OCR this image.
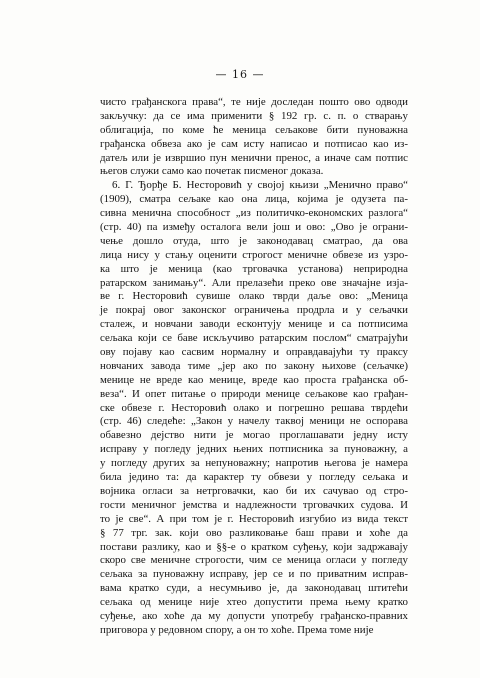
— 16 —
чисто грађанскога права“, те није доследан пошто ово одводи
закључку: да се има применити § 192 гр. с. п. о стварању
облигација, по коме ће меница сељакове бити пуноважна
грађанска обвеза ако је сам исту написао и потписао као из-
датељ или је извршио пун менични пренос, а иначе сам потпис
његов служи само као почетак писменог доказа.
6. Г. Ђорђе Б. Несторовић у својој књизи „Менично право“
(1909), сматра сељаке као она лица, којима је одузета па-
сивна менична способност „из политичко-економских разлога“
(стр. 40) па између осталога вели још и ово: „Ово је ограни-
чење дошло отуда, што је законодавац сматрао, да ова
лица нису у стању оценити строгост меничне обвезе из узро-
ка што је меница (као трговачка установа) неприродна
ратарском занимању“. Али прелазећи преко ове значајне изја-
ве г. Несторовић сувише олако тврди даље ово: „Меница
је покрај овог законског ограничења продрла и у сељачки
сталеж, и новчани заводи есконтују менице и са потписима
сељака који се баве искључиво ратарским послом“ сматрајући
ову појаву као сасвим нормалну и оправдавајући ту праксу
новчаних завода тиме „јер ако по закону њихове (сељачке)
менице не вреде као менице, вреде као проста грађанска об-
веза“. И опет питање о природи менице сељакове као грађан-
ске обвезе г. Несторовић олако и погрешно решава тврдећи
(стр. 46) следеће: „Закон у начелу таквој меници не оспорава
обавезно дејство нити је могао проглашавати једну исту
исправу у погледу једних њених потписника за пуноважну, а
у погледу других за непуноважну; напротив његова је намера
била једино та: да карактер ту обвези у погледу сељака и
војника огласи за нетрговачки, као би их сачувао од стро-
гости меничног јемства и надлежности трговачких судова. И
то је све“. А при том је г. Несторовић изгубио из вида текст
§ 77 трг. зак. који ово разликовање баш прави и хоће да
постави разлику, као и §§-е о кратком суђењу, који задржавају
скоро све меничне строгости, чим се меница огласи у погледу
сељака за пуноважну исправу, јер се и по приватним исправ-
вама кратко суди, а несумњиво је, да законодавац штитећи
сељака од менице није хтео допустити према њему кратко
суђење, ако хоће да му допусти употребу грађанско-правних
приговора у редовном спору, а он то хоће. Према томе није
